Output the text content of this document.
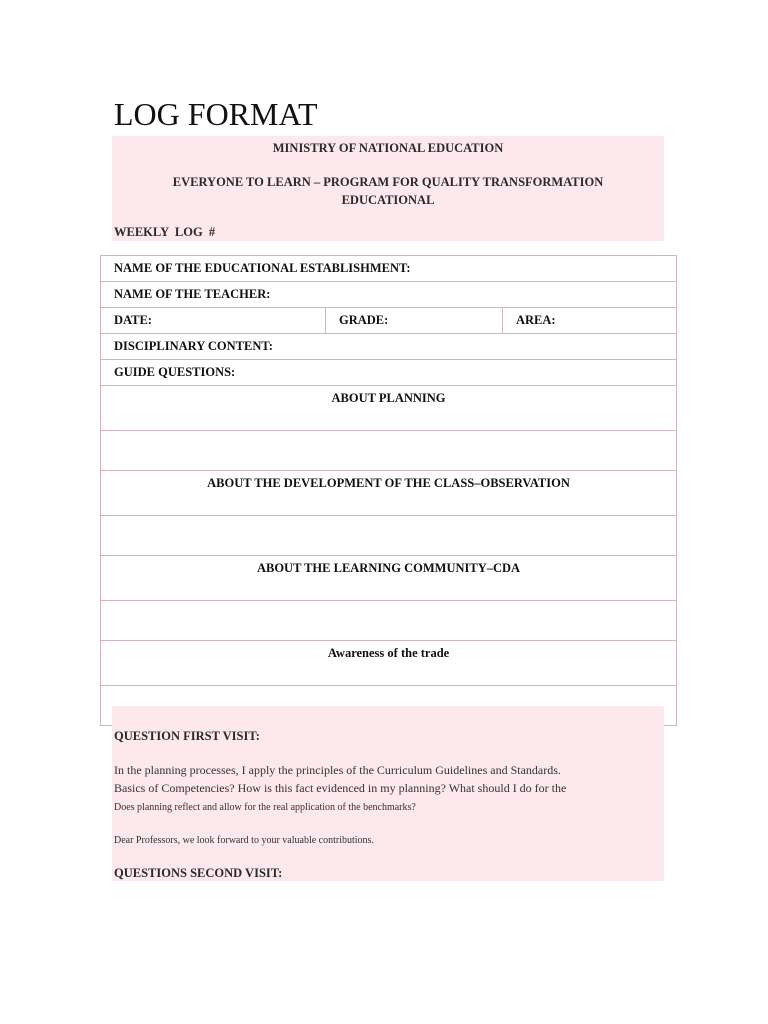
LOG FORMAT
MINISTRY OF NATIONAL EDUCATION
EVERYONE TO LEARN – PROGRAM FOR QUALITY TRANSFORMATION
EDUCATIONAL
WEEKLY  LOG  #
NAME OF THE EDUCATIONAL ESTABLISHMENT:
NAME OF THE TEACHER:
DATE:	GRADE:	AREA:
DISCIPLINARY CONTENT:
GUIDE QUESTIONS:
ABOUT PLANNING

ABOUT THE DEVELOPMENT OF THE CLASS–OBSERVATION

ABOUT THE LEARNING COMMUNITY–CDA

Awareness of the trade

QUESTION FIRST VISIT:
In the planning processes, I apply the principles of the Curriculum Guidelines and Standards.
Basics of Competencies? How is this fact evidenced in my planning? What should I do for the
Does planning reflect and allow for the real application of the benchmarks?
Dear Professors, we look forward to your valuable contributions.
QUESTIONS SECOND VISIT:
